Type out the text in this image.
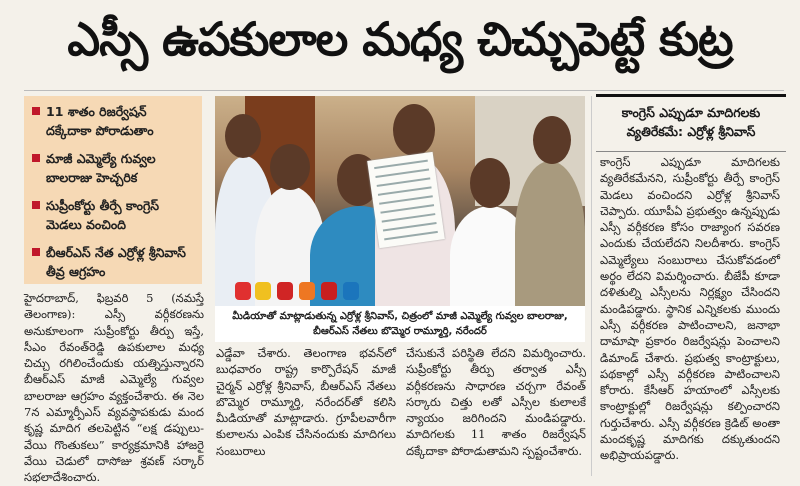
ఎస్సీ ఉపకులాల మధ్య చిచ్చుపెట్టే కుట్ర
11 శాతం రిజర్వేషన్ దక్కేదాకా పోరాడుతాం
మాజీ ఎమ్మెల్యే గువ్వల బాలరాజు హెచ్చరిక
సుప్రీంకోర్టు తీర్పే కాంగ్రెస్ మెడలు వంచింది
బీఆర్ఎస్ నేత ఎర్రోళ్ల శ్రీనివాస్ తీవ్ర ఆగ్రహం
మీడియాతో మాట్లాడుతున్న ఎర్రోళ్ల శ్రీనివాస్, చిత్రంలో మాజీ ఎమ్మెల్యే గువ్వల బాలరాజు, బీఆర్ఎస్ నేతలు బొమ్మెర రామ్మూర్తి, నరేందర్

హైదరాబాద్, ఫిబ్రవరి 5 (నమస్తే తెలంగాణ): ఎస్సీ వర్గీకరణను అనుకూలంగా సుప్రీంకోర్టు తీర్పు ఇస్తే, సీఎం రేవంత్‌రెడ్డి ఉపకులాల మధ్య చిచ్చు రగిలించేందుకు యత్నిస్తున్నారని బీఆర్ఎస్ మాజీ ఎమ్మెల్యే గువ్వల బాలరాజు ఆగ్రహం వ్యక్తంచేశారు. ఈ నెల 7న ఎమ్మార్పీఎస్ వ్యవస్థాపకుడు మంద కృష్ణ మాదిగ తలపెట్టిన “లక్ష డప్పులు-వేయి గొంతుకలు” కార్యక్రమానికి హాజరై వేయి చెడులో దాసోజు శ్రవణ్ సర్కార్ సభలాదేశించారు.

ఎడ్డేవా చేశారు. తెలంగాణ భవన్‌లో బుధవారం రాష్ట్ర కార్పొరేషన్ మాజీ చైర్మన్ ఎర్రోళ్ల శ్రీనివాస్, బీఆర్ఎస్ నేతలు బొమ్మెర రామ్మూర్తి, నరేందర్‌తో కలిసి మీడియాతో మాట్లాడారు. గ్రూపీలవారీగా కులాలను ఎంపిక చేసినందుకు మాదిగలు సంబురాలు

చేసుకునే పరిస్థితి లేదని విమర్శించారు. సుప్రీంకోర్టు తీర్పు తర్వాత ఎస్సీ వర్గీకరణను సాధారణ చర్చగా రేవంత్ సర్కారు చిత్తు లతో ఎస్సీల కులాలకే న్యాయం జరిగిందని మండిపడ్డారు. మాదిగలకు 11 శాతం రిజర్వేషన్ దక్కేదాకా పోరాడుతామని స్పష్టంచేశారు.

కాంగ్రెస్ ఎప్పుడూ మాదిగలకు వ్యతిరేకమే: ఎర్రోళ్ల శ్రీనివాస్

కాంగ్రెస్ ఎప్పుడూ మాదిగలకు వ్యతిరేకమేనని, సుప్రీంకోర్టు తీర్పే కాంగ్రెస్ మెడలు వంచిందని ఎర్రోళ్ల శ్రీనివాస్ చెప్పారు. యూపీఏ ప్రభుత్వం ఉన్నప్పుడు ఎస్సీ వర్గీకరణ కోసం రాజ్యాంగ సవరణ ఎందుకు చేయలేదని నిలదీశారు. కాంగ్రెస్ ఎమ్మెల్యేలు సంబురాలు చేసుకోవడంలో అర్థం లేదని విమర్శించారు. బీజేపీ కూడా దళితుల్ని ఎస్సీలను నిర్లక్ష్యం చేసిందని మండిపడ్డారు. స్థానిక ఎన్నికలకు ముందు ఎస్సీ వర్గీకరణ పాటించాలని, జనాభా దామాషా ప్రకారం రిజర్వేషన్లు పెంచాలని డిమాండ్ చేశారు. ప్రభుత్వ కాంట్రాక్టులు, పథకాల్లో ఎస్సీ వర్గీకరణ పాటించాలని కోరారు. కేసీఆర్ హయాంలో ఎస్సీలకు కాంట్రాక్టుల్లో రిజర్వేషన్లు కల్పించారని గుర్తుచేశారు. ఎస్సీ వర్గీకరణ క్రెడిట్ అంతా మందకృష్ణ మాదిగకు దక్కుతుందని అభిప్రాయపడ్డారు.
